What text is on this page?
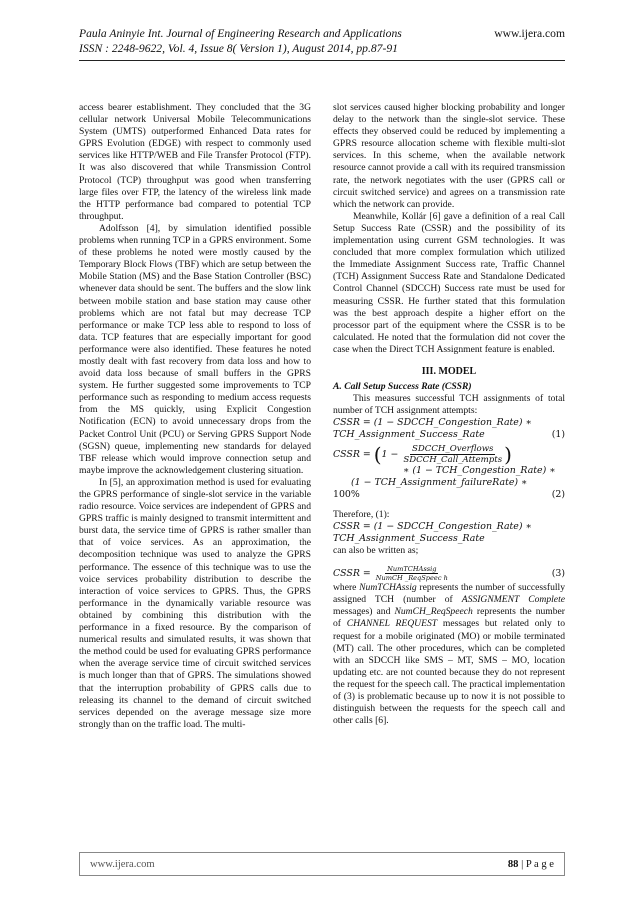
Paula Aninyie Int. Journal of Engineering Research and Applications	www.ijera.com
ISSN : 2248-9622, Vol. 4, Issue 8( Version 1), August 2014, pp.87-91

access bearer establishment. They concluded that the 3G cellular network Universal Mobile Telecommunications System (UMTS) outperformed Enhanced Data rates for GPRS Evolution (EDGE) with respect to commonly used services like HTTP/WEB and File Transfer Protocol (FTP). It was also discovered that while Transmission Control Protocol (TCP) throughput was good when transferring large files over FTP, the latency of the wireless link made the HTTP performance bad compared to potential TCP throughput.

Adolfsson [4], by simulation identified possible problems when running TCP in a GPRS environment. Some of these problems he noted were mostly caused by the Temporary Block Flows (TBF) which are setup between the Mobile Station (MS) and the Base Station Controller (BSC) whenever data should be sent. The buffers and the slow link between mobile station and base station may cause other problems which are not fatal but may decrease TCP performance or make TCP less able to respond to loss of data. TCP features that are especially important for good performance were also identified. These features he noted mostly dealt with fast recovery from data loss and how to avoid data loss because of small buffers in the GPRS system. He further suggested some improvements to TCP performance such as responding to medium access requests from the MS quickly, using Explicit Congestion Notification (ECN) to avoid unnecessary drops from the Packet Control Unit (PCU) or Serving GPRS Support Node (SGSN) queue, implementing new standards for delayed TBF release which would improve connection setup and maybe improve the acknowledgement clustering situation.

In [5], an approximation method is used for evaluating the GPRS performance of single-slot service in the variable radio resource. Voice services are independent of GPRS and GPRS traffic is mainly designed to transmit intermittent and burst data, the service time of GPRS is rather smaller than that of voice services. As an approximation, the decomposition technique was used to analyze the GPRS performance. The essence of this technique was to use the voice services probability distribution to describe the interaction of voice services to GPRS. Thus, the GPRS performance in the dynamically variable resource was obtained by combining this distribution with the performance in a fixed resource. By the comparison of numerical results and simulated results, it was shown that the method could be used for evaluating GPRS performance when the average service time of circuit switched services is much longer than that of GPRS. The simulations showed that the interruption probability of GPRS calls due to releasing its channel to the demand of circuit switched services depended on the average message size more strongly than on the traffic load. The multi-

slot services caused higher blocking probability and longer delay to the network than the single-slot service. These effects they observed could be reduced by implementing a GPRS resource allocation scheme with flexible multi-slot services. In this scheme, when the available network resource cannot provide a call with its required transmission rate, the network negotiates with the user (GPRS call or circuit switched service) and agrees on a transmission rate which the network can provide.

Meanwhile, Kollár [6] gave a definition of a real Call Setup Success Rate (CSSR) and the possibility of its implementation using current GSM technologies. It was concluded that more complex formulation which utilized the Immediate Assignment Success rate, Traffic Channel (TCH) Assignment Success Rate and Standalone Dedicated Control Channel (SDCCH) Success rate must be used for measuring CSSR. He further stated that this formulation was the best approach despite a higher effort on the processor part of the equipment where the CSSR is to be calculated. He noted that the formulation did not cover the case when the Direct TCH Assignment feature is enabled.

III. MODEL

A. Call Setup Success Rate (CSSR)

This measures successful TCH assignments of total number of TCH assignment attempts:

CSSR = (1 − SDCCH_Congestion_Rate) ∗
TCH_Assignment_Success_Rate	(1)
CSSR = ($1 - \frac{\text{SDCCH\_Overflows}}{\text{SDCCH\_Call\_Attempts}}$ )
∗ (1 − TCH_Congestion_Rate) ∗
(1 − TCH_Assignment_failureRate) ∗
100%	(2)

Therefore, (1):

CSSR = (1 − SDCCH_Congestion_Rate) ∗
TCH_Assignment_Success_Rate

can also be written as;

CSSR = $\frac{\text{NumTCHAssig}}{\text{NumCH \_ReqSpeec h}}$	(3)

where NumTCHAssig represents the number of successfully assigned TCH (number of ASSIGNMENT Complete messages) and NumCH_ReqSpeech represents the number of CHANNEL REQUEST messages but related only to request for a mobile originated (MO) or mobile terminated (MT) call. The other procedures, which can be completed with an SDCCH like SMS – MT, SMS – MO, location updating etc. are not counted because they do not represent the request for the speech call. The practical implementation of (3) is problematic because up to now it is not possible to distinguish between the requests for the speech call and other calls [6].

www.ijera.com	88 | P a g e
